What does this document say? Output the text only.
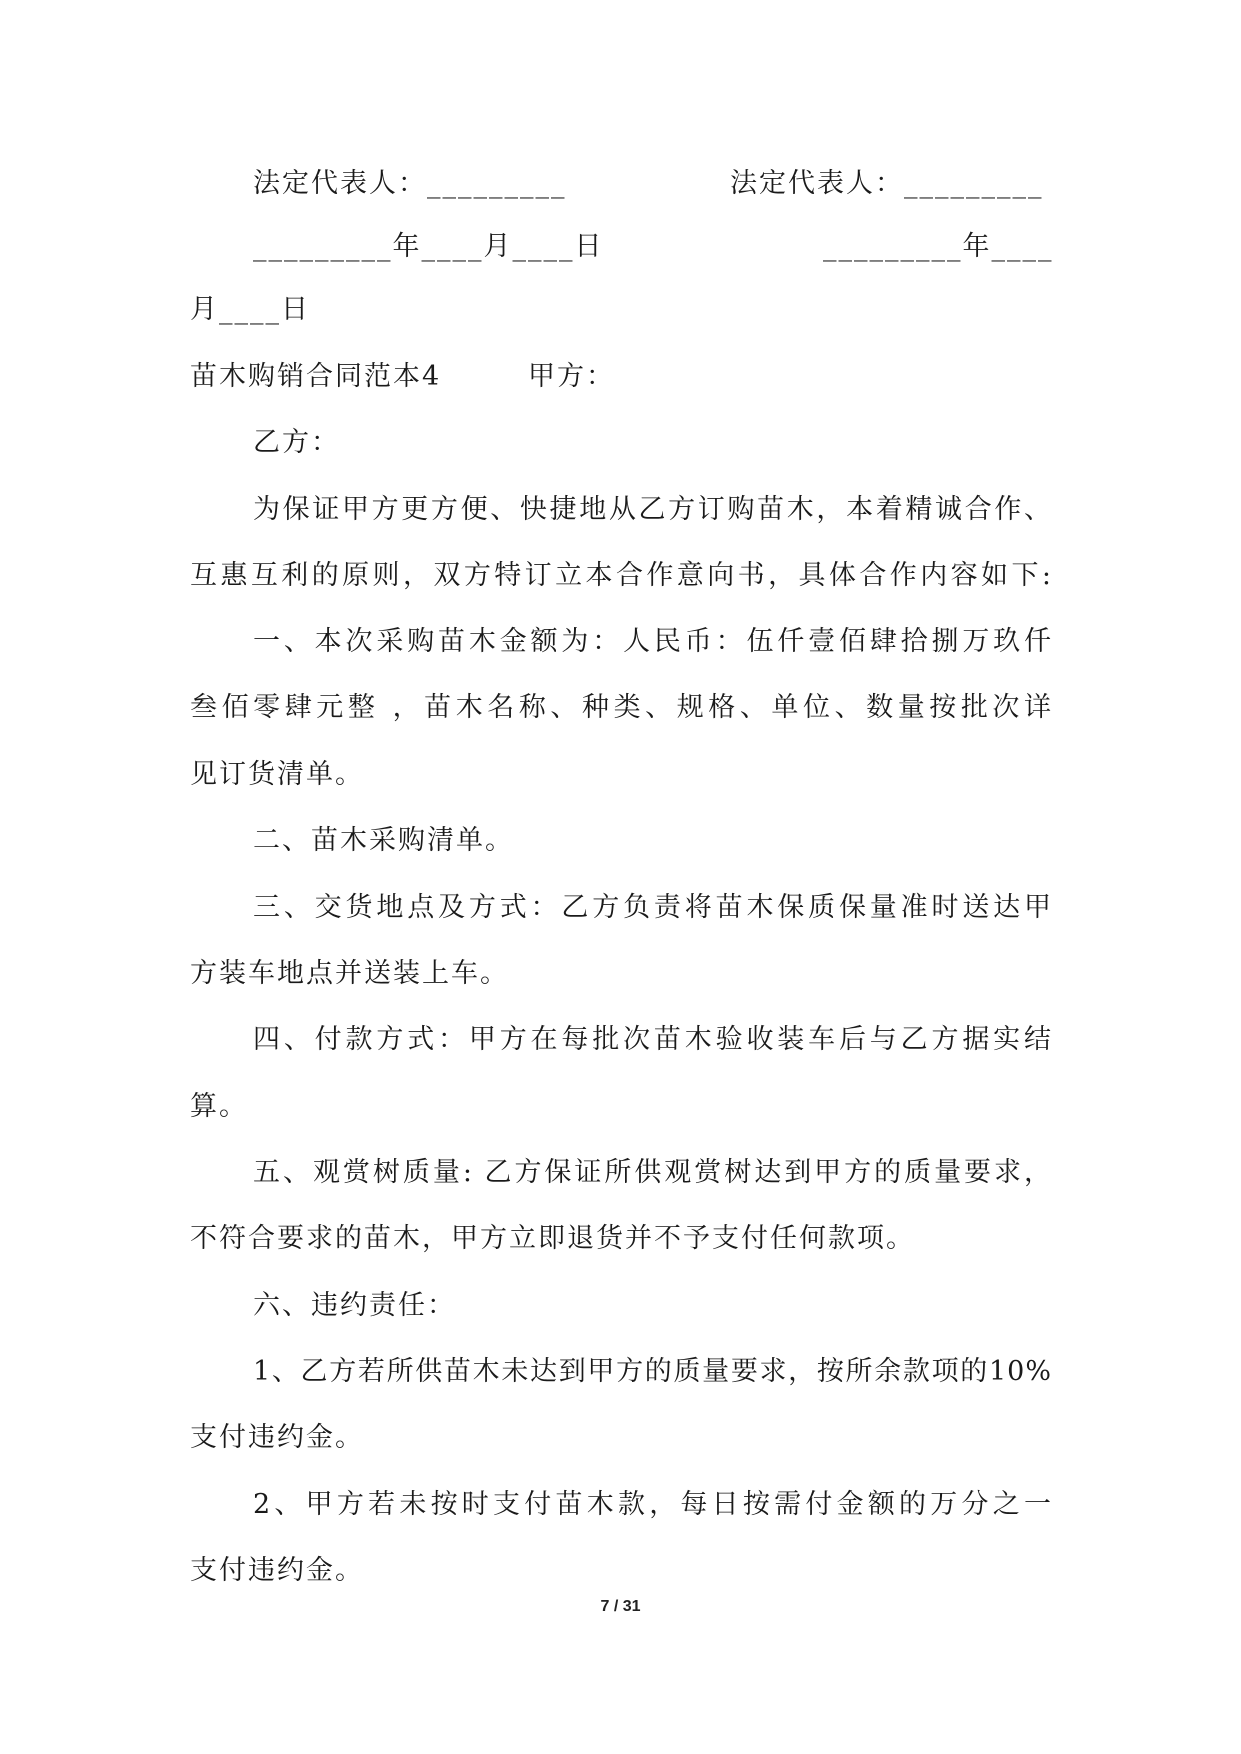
法定代表人：_________	法定代表人：_________
_________年____月____日	_________年____
月____日
苗木购销合同范本4	甲方：
乙方：
为保证甲方更方便、快捷地从乙方订购苗木，本着精诚合作、
互惠互利的原则，双方特订立本合作意向书，具体合作内容如下:
一、本次采购苗木金额为：人民币：伍仟壹佰肆拾捌万玖仟
叁佰零肆元整 ，苗木名称、种类、规格、单位、数量按批次详
见订货清单。
二、苗木采购清单。
三、交货地点及方式：乙方负责将苗木保质保量准时送达甲
方装车地点并送装上车。
四、付款方式：甲方在每批次苗木验收装车后与乙方据实结
算。
五、观赏树质量: 乙方保证所供观赏树达到甲方的质量要求，
不符合要求的苗木，甲方立即退货并不予支付任何款项。
六、违约责任：
1、乙方若所供苗木未达到甲方的质量要求，按所余款项的10%
支付违约金。
2、甲方若未按时支付苗木款，每日按需付金额的万分之一
支付违约金。
7 / 31
